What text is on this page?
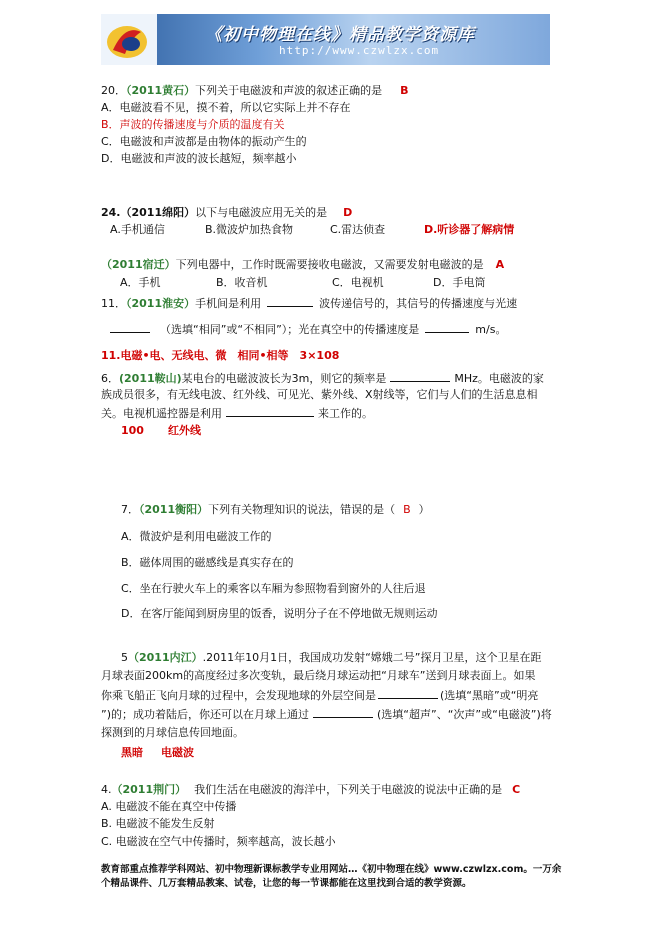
《初中物理在线》精品教学资源库
http://www.czwlzx.com
20．（2011黄石）下列关于电磁波和声波的叙述正确的是 B
A．电磁波看不见，摸不着，所以它实际上并不存在
B．声波的传播速度与介质的温度有关
C．电磁波和声波都是由物体的振动产生的
D．电磁波和声波的波长越短，频率越小
24.（2011绵阳）以下与电磁波应用无关的是 D
A.手机通信	B.微波炉加热食物	C.雷达侦查	D.听诊器了解病情
（2011宿迁）下列电器中，工作时既需要接收电磁波，又需要发射电磁波的是 A
A．手机	B．收音机	C．电视机	D．手电筒
11．（2011淮安）手机间是利用	波传递信号的，其信号的传播速度与光速
（选填“相同”或“不相同”）；光在真空中的传播速度是	m/s。
11.电磁•电、无线电、微　相同•相等　3×108
6．(2011鞍山)某电台的电磁波波长为3m，则它的频率是	MHz。电磁波的家
族成员很多，有无线电波、红外线、可见光、紫外线、X射线等，它们与人们的生活息息相
关。电视机遥控器是利用	来工作的。
100 红外线
7．（2011衡阳）下列有关物理知识的说法，错误的是（ B ）
A．微波炉是利用电磁波工作的
B．磁体周围的磁感线是真实存在的
C．坐在行驶火车上的乘客以车厢为参照物看到窗外的人往后退
D．在客厅能闻到厨房里的饭香，说明分子在不停地做无规则运动
5（2011内江）.2011年10月1日，我国成功发射“嫦娥二号”探月卫星，这个卫星在距
月球表面200km的高度经过多次变轨，最后绕月球运动把“月球车”送到月球表面上。如果
你乘飞船正飞向月球的过程中，会发现地球的外层空间是	(选填“黑暗”或“明亮
”)的；成功着陆后，你还可以在月球上通过	(选填“超声”、“次声”或“电磁波”)将
探测到的月球信息传回地面。
黑暗 电磁波
4.（2011荆门） 我们生活在电磁波的海洋中，下列关于电磁波的说法中正确的是 C
A. 电磁波不能在真空中传播
B. 电磁波不能发生反射
C. 电磁波在空气中传播时，频率越高，波长越小
教育部重点推荐学科网站、初中物理新课标教学专业用网站…《初中物理在线》www.czwlzx.com。一万余
个精品课件、几万套精品教案、试卷，让您的每一节课都能在这里找到合适的教学资源。
